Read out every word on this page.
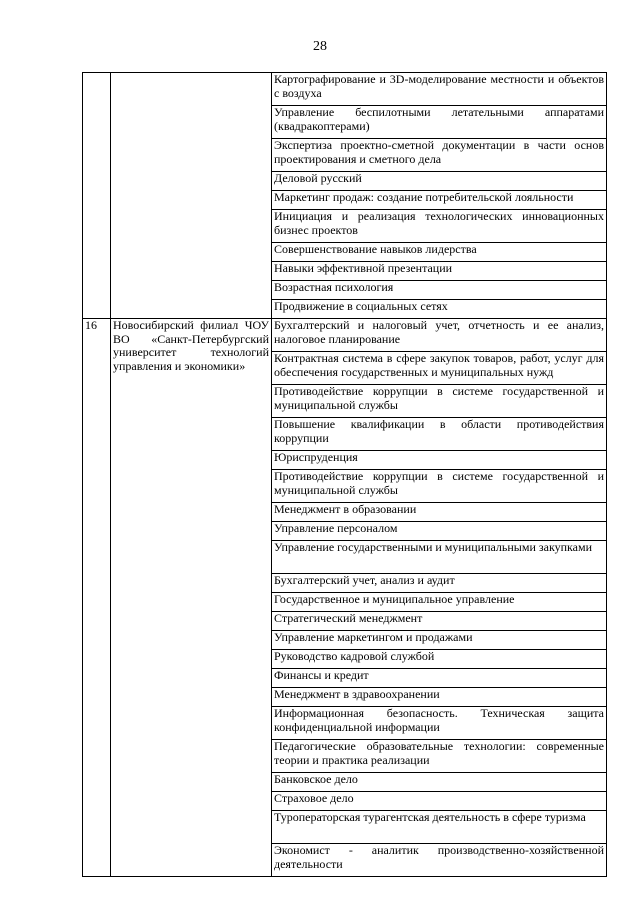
28
		Картографирование и 3D-моделирование местности и объектов с воздуха
		Управление беспилотными летательными аппаратами (квадракоптерами)
		Экспертиза проектно-сметной документации в части основ проектирования и сметного дела
		Деловой русский
		Маркетинг продаж: создание потребительской лояльности
		Инициация и реализация технологических инновационных бизнес проектов
		Совершенствование навыков лидерства
		Навыки эффективной презентации
		Возрастная психология
		Продвижение в социальных сетях
16	Новосибирский филиал ЧОУ ВО «Санкт-Петербургский университет технологий управления и экономики»	Бухгалтерский и налоговый учет, отчетность и ее анализ, налоговое планирование
		Контрактная система в сфере закупок товаров, работ, услуг для обеспечения государственных и муниципальных нужд
		Противодействие коррупции в системе государственной и муниципальной службы
		Повышение квалификации в области противодействия коррупции
		Юриспруденция
		Противодействие коррупции в системе государственной и муниципальной службы
		Менеджмент в образовании
		Управление персоналом
		Управление государственными и муниципальными закупками
		Бухгалтерский учет, анализ и аудит
		Государственное и муниципальное управление
		Стратегический менеджмент
		Управление маркетингом и продажами
		Руководство кадровой службой
		Финансы и кредит
		Менеджмент в здравоохранении
		Информационная безопасность. Техническая защита конфиденциальной информации
		Педагогические образовательные технологии: современные теории и практика реализации
		Банковское дело
		Страховое дело
		Туроператорская турагентская деятельность в сфере туризма
		Экономист - аналитик производственно-хозяйственной деятельности
